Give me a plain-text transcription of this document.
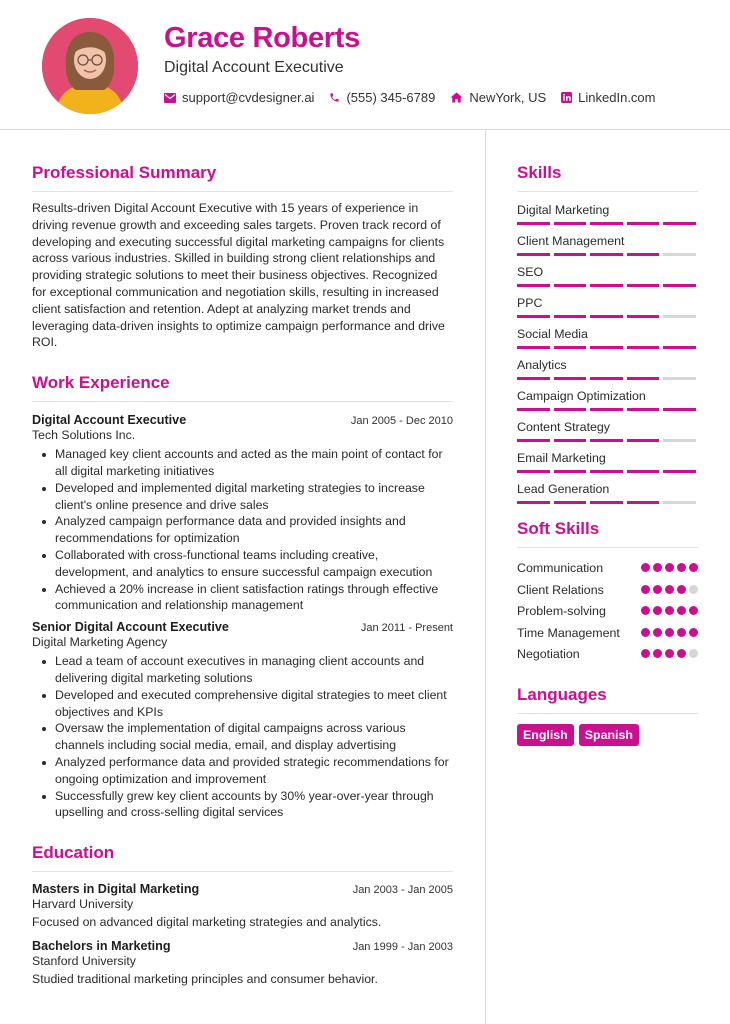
Grace Roberts
Digital Account Executive
support@cvdesigner.ai (555) 345-6789	NewYork, US LinkedIn.com
Professional Summary
Results-driven Digital Account Executive with 15 years of experience in driving revenue growth and exceeding sales targets. Proven track record of developing and executing successful digital marketing campaigns for clients across various industries. Skilled in building strong client relationships and providing strategic solutions to meet their business objectives. Recognized for exceptional communication and negotiation skills, resulting in increased client satisfaction and retention. Adept at analyzing market trends and leveraging data-driven insights to optimize campaign performance and drive ROI.
Work Experience
Digital Account Executive	Jan 2005 - Dec 2010
Tech Solutions Inc.
Managed key client accounts and acted as the main point of contact for all digital marketing initiatives
Developed and implemented digital marketing strategies to increase client's online presence and drive sales
Analyzed campaign performance data and provided insights and recommendations for optimization
Collaborated with cross-functional teams including creative, development, and analytics to ensure successful campaign execution
Achieved a 20% increase in client satisfaction ratings through effective communication and relationship management
Senior Digital Account Executive	Jan 2011 - Present
Digital Marketing Agency
Lead a team of account executives in managing client accounts and delivering digital marketing solutions
Developed and executed comprehensive digital strategies to meet client objectives and KPIs
Oversaw the implementation of digital campaigns across various channels including social media, email, and display advertising
Analyzed performance data and provided strategic recommendations for ongoing optimization and improvement
Successfully grew key client accounts by 30% year-over-year through upselling and cross-selling digital services
Education
Masters in Digital Marketing	Jan 2003 - Jan 2005
Harvard University
Focused on advanced digital marketing strategies and analytics.
Bachelors in Marketing	Jan 1999 - Jan 2003
Stanford University
Studied traditional marketing principles and consumer behavior.
Skills
Digital Marketing
Client Management
SEO
PPC
Social Media
Analytics
Campaign Optimization
Content Strategy
Email Marketing
Lead Generation
Soft Skills
Communication
Client Relations
Problem-solving
Time Management
Negotiation
Languages
English	Spanish
